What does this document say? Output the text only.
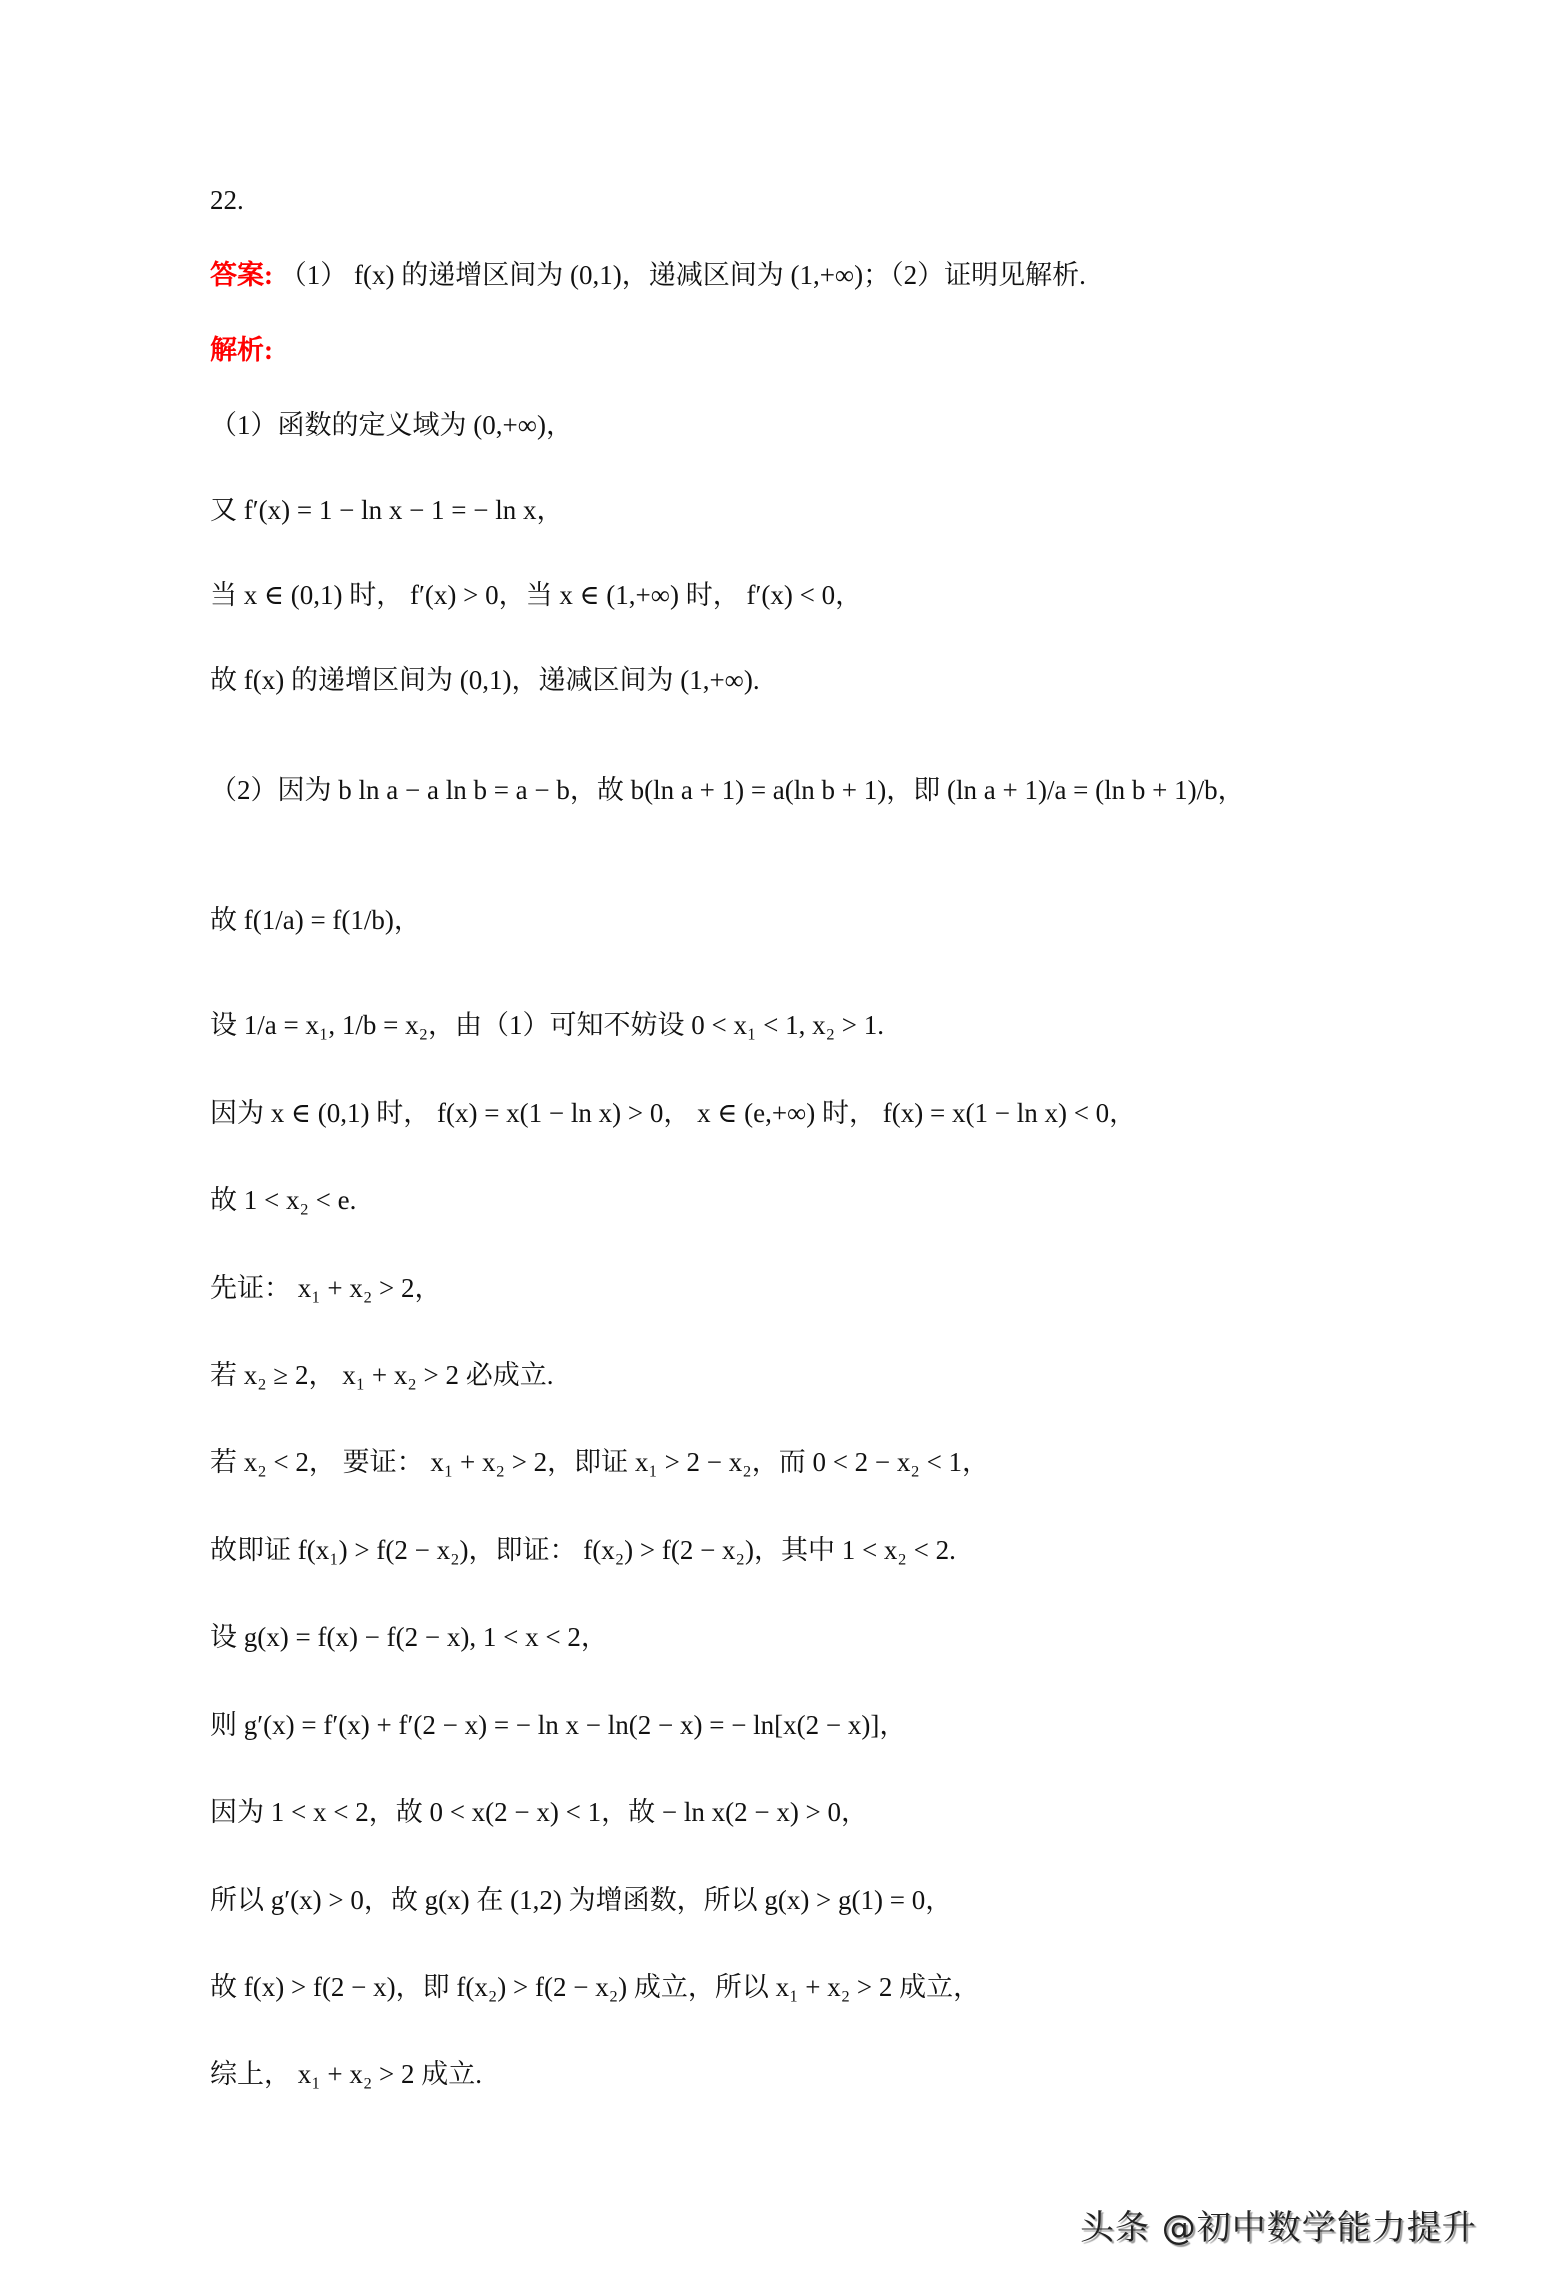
22.
答案: （1） f(x) 的递增区间为 (0,1)，递减区间为 (1,+∞)；（2）证明见解析.
解析:
（1）函数的定义域为 (0,+∞)，
又 f′(x) = 1 − ln x − 1 = − ln x，
当 x ∈ (0,1) 时， f′(x) > 0，当 x ∈ (1,+∞) 时， f′(x) < 0，
故 f(x) 的递增区间为 (0,1)，递减区间为 (1,+∞).
（2）因为 b ln a − a ln b = a − b，故 b(ln a + 1) = a(ln b + 1)，即 (ln a + 1)/a = (ln b + 1)/b，
故 f(1/a) = f(1/b)，
设 1/a = x₁, 1/b = x₂，由（1）可知不妨设 0 < x₁ < 1, x₂ > 1.
因为 x ∈ (0,1) 时， f(x) = x(1 − ln x) > 0， x ∈ (e,+∞) 时， f(x) = x(1 − ln x) < 0，
故 1 < x₂ < e.
先证： x₁ + x₂ > 2，
若 x₂ ≥ 2， x₁ + x₂ > 2 必成立.
若 x₂ < 2， 要证： x₁ + x₂ > 2，即证 x₁ > 2 − x₂，而 0 < 2 − x₂ < 1，
故即证 f(x₁) > f(2 − x₂)，即证： f(x₂) > f(2 − x₂)，其中 1 < x₂ < 2.
设 g(x) = f(x) − f(2 − x), 1 < x < 2，
则 g′(x) = f′(x) + f′(2 − x) = − ln x − ln(2 − x) = − ln[x(2 − x)]，
因为 1 < x < 2，故 0 < x(2 − x) < 1，故 − ln x(2 − x) > 0，
所以 g′(x) > 0，故 g(x) 在 (1,2) 为增函数，所以 g(x) > g(1) = 0，
故 f(x) > f(2 − x)，即 f(x₂) > f(2 − x₂) 成立，所以 x₁ + x₂ > 2 成立，
综上， x₁ + x₂ > 2 成立.
头条 @初中数学能力提升
